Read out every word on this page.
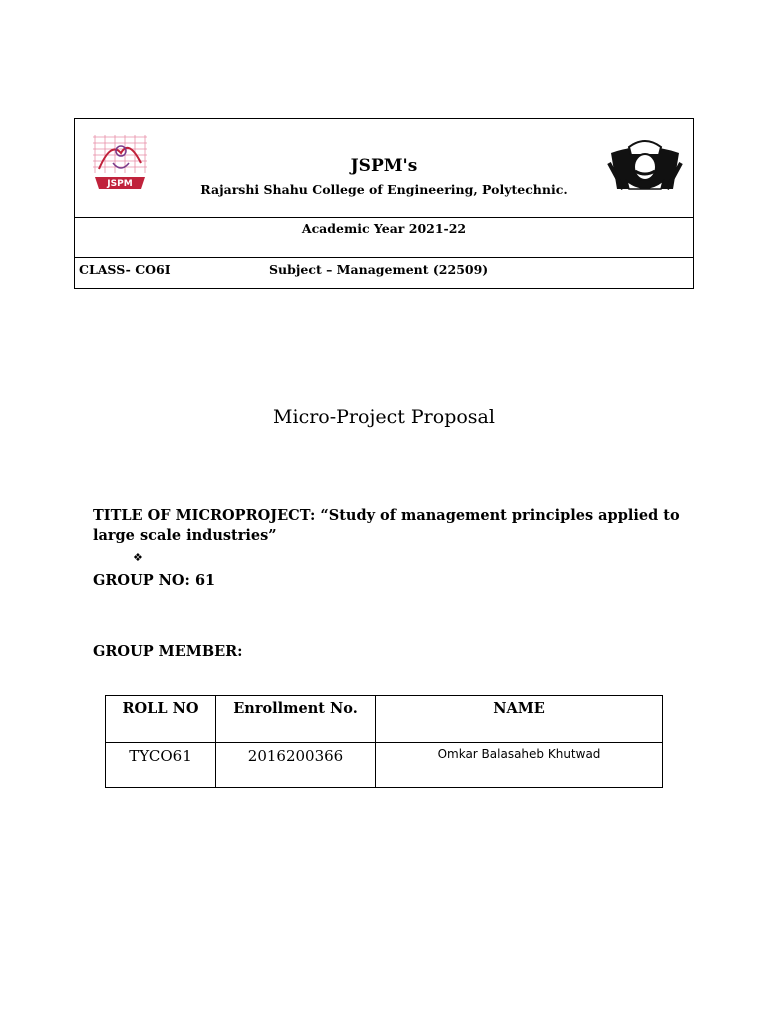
JSPM
JSPM's
Rajarshi Shahu College of Engineering, Polytechnic.
Academic Year 2021-22
CLASS- CO6I	Subject – Management (22509)
Micro-Project Proposal
TITLE OF MICROPROJECT: “Study of management principles applied to large scale industries”
❖
GROUP NO: 61
GROUP MEMBER:
ROLL NO	Enrollment No.	NAME
TYCO61	2016200366	Omkar Balasaheb Khutwad
